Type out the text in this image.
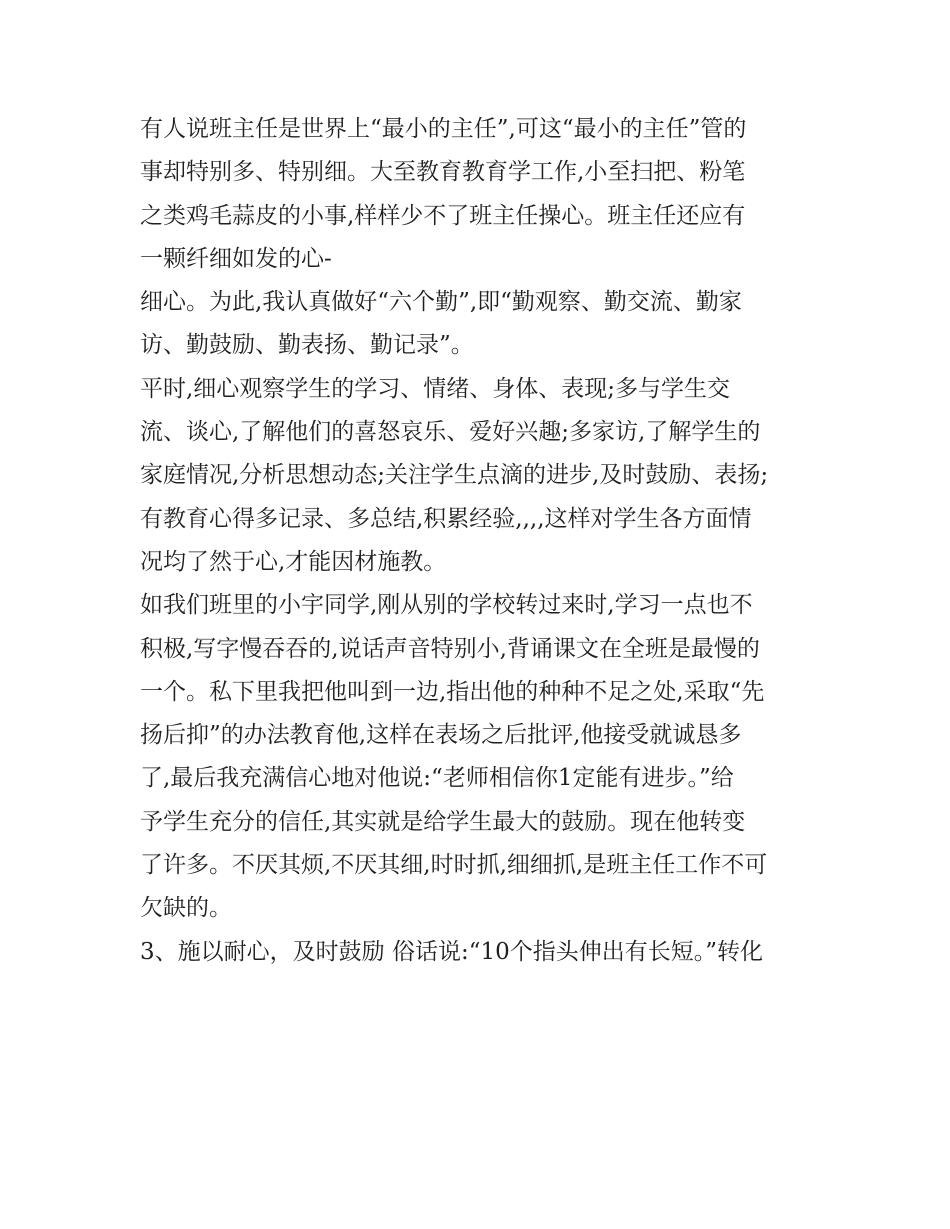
有人说班主任是世界上“最小的主任”,可这“最小的主任”管的
事却特别多、特别细。大至教育教育学工作,小至扫把、粉笔
之类鸡毛蒜皮的小事,样样少不了班主任操心。班主任还应有
一颗纤细如发的心-
细心。为此,我认真做好“六个勤”,即“勤观察、勤交流、勤家
访、勤鼓励、勤表扬、勤记录”。
平时,细心观察学生的学习、情绪、身体、表现;多与学生交
流、谈心,了解他们的喜怒哀乐、爱好兴趣;多家访,了解学生的
家庭情况,分析思想动态;关注学生点滴的进步,及时鼓励、表扬;
有教育心得多记录、多总结,积累经验,,,,这样对学生各方面情
况均了然于心,才能因材施教。
如我们班里的小宇同学,刚从别的学校转过来时,学习一点也不
积极,写字慢吞吞的,说话声音特别小,背诵课文在全班是最慢的
一个。私下里我把他叫到一边,指出他的种种不足之处,采取“先
扬后抑”的办法教育他,这样在表场之后批评,他接受就诚恳多
了,最后我充满信心地对他说:“老师相信你1定能有进步。”给
予学生充分的信任,其实就是给学生最大的鼓励。现在他转变
了许多。不厌其烦,不厌其细,时时抓,细细抓,是班主任工作不可
欠缺的。
3、施以耐心，及时鼓励 俗话说:“10个指头伸出有长短。”转化
